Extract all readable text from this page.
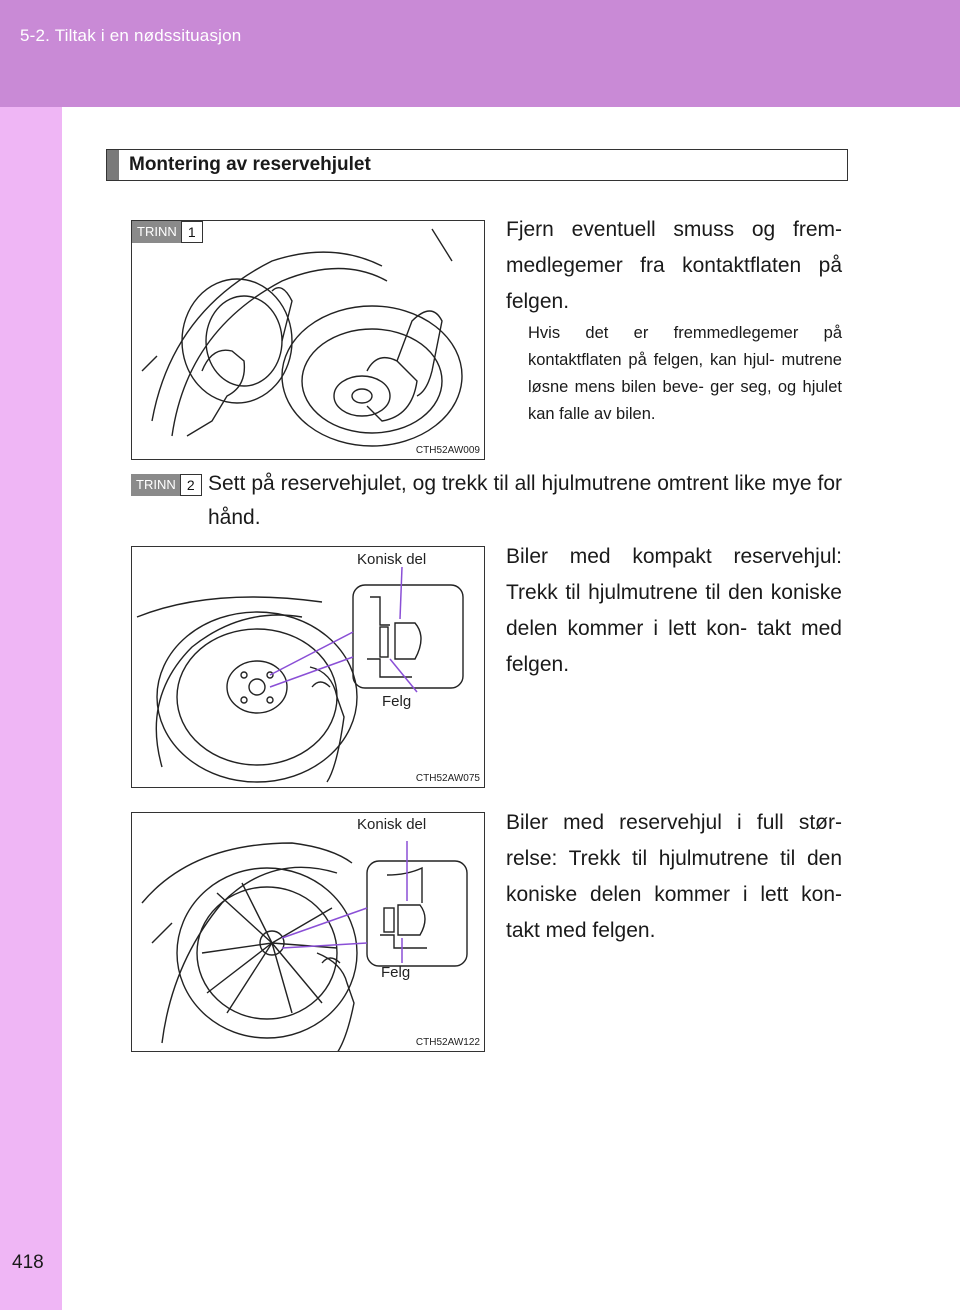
5-2. Tiltak i en nødssituasjon
Montering av reservehjulet
TRINN 1
CTH52AW009
Fjern eventuell smuss og frem- medlegemer fra kontaktflaten på felgen.
Hvis det er fremmedlegemer på kontaktflaten på felgen, kan hjul- mutrene løsne mens bilen beve- ger seg, og hjulet kan falle av bilen.
TRINN 2 Sett på reservehjulet, og trekk til all hjulmutrene omtrent like mye for hånd.
CTH52AW075
Konisk del
Felg
Biler med kompakt reservehjul: Trekk til hjulmutrene til den koniske delen kommer i lett kon- takt med felgen.
CTH52AW122
Konisk del
Felg
Biler med reservehjul i full stør- relse: Trekk til hjulmutrene til den koniske delen kommer i lett kon- takt med felgen.
418
